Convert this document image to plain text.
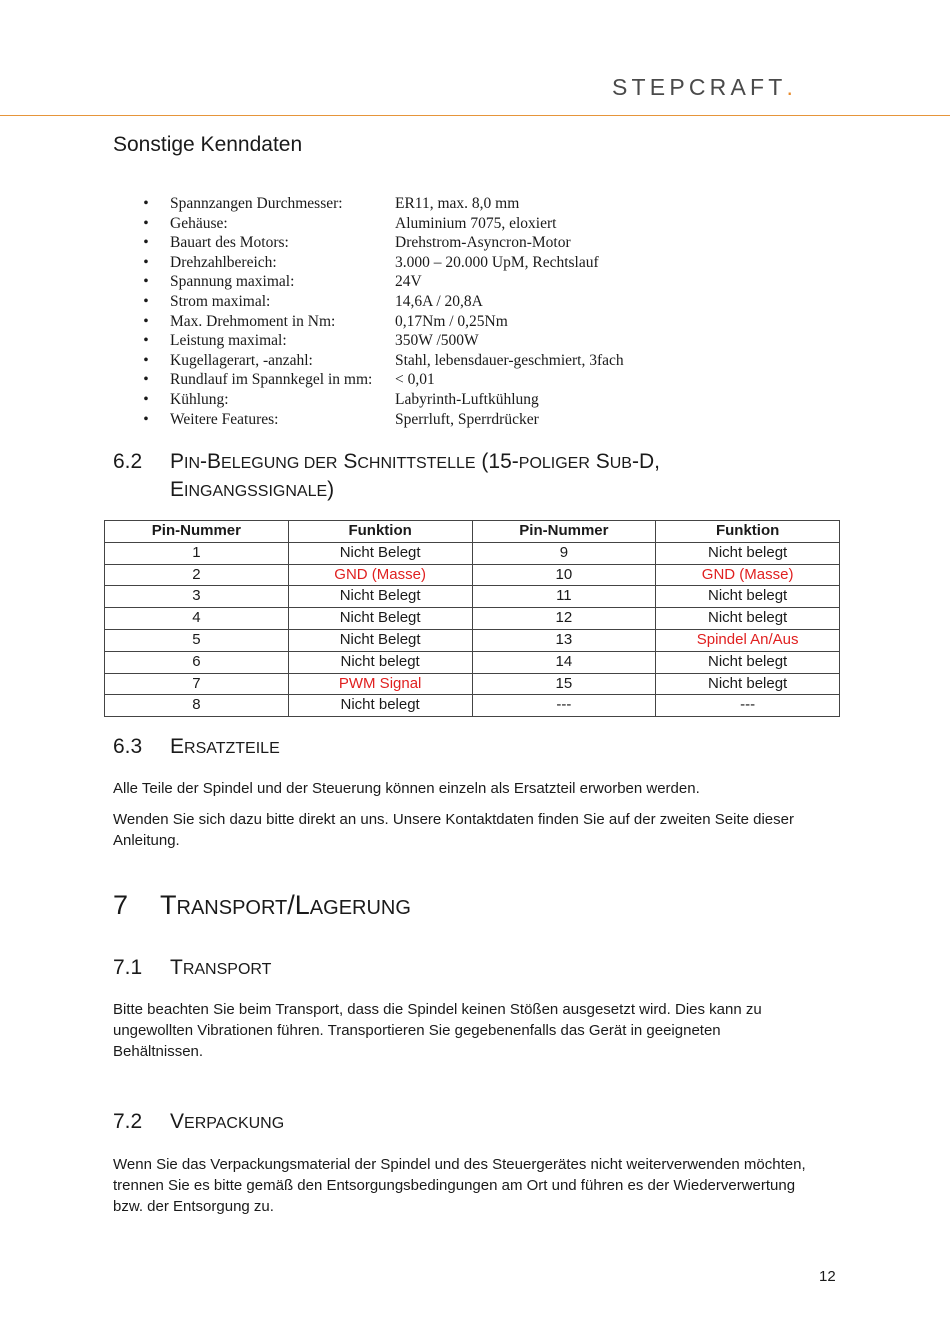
STEPCRAFT.
Sonstige Kenndaten
• Spannzangen Durchmesser:	ER11, max. 8,0 mm
• Gehäuse:	Aluminium 7075, eloxiert
• Bauart des Motors:	Drehstrom-Asyncron-Motor
• Drehzahlbereich:	3.000 – 20.000 UpM, Rechtslauf
• Spannung maximal:	24V
• Strom maximal:	14,6A / 20,8A
• Max. Drehmoment in Nm:	0,17Nm / 0,25Nm
• Leistung maximal:	350W /500W
• Kugellagerart, -anzahl:	Stahl, lebensdauer-geschmiert, 3fach
• Rundlauf im Spannkegel in mm: < 0,01
• Kühlung:	Labyrinth-Luftkühlung
• Weitere Features:	Sperrluft, Sperrdrücker
6.2 PIN-BELEGUNG DER SCHNITTSTELLE (15-POLIGER SUB-D,
EINGANGSSIGNALE)
Pin-Nummer	Funktion	Pin-Nummer	Funktion
1	Nicht Belegt	9	Nicht belegt
2	GND (Masse)	10	GND (Masse)
3	Nicht Belegt	11	Nicht belegt
4	Nicht Belegt	12	Nicht belegt
5	Nicht Belegt	13	Spindel An/Aus
6	Nicht belegt	14	Nicht belegt
7	PWM Signal	15	Nicht belegt
8	Nicht belegt	---	---
6.3 ERSATZTEILE

Alle Teile der Spindel und der Steuerung können einzeln als Ersatzteil erworben werden.

Wenden Sie sich dazu bitte direkt an uns. Unsere Kontaktdaten finden Sie auf der zweiten Seite dieser Anleitung.

7 TRANSPORT/LAGERUNG
7.1 TRANSPORT

Bitte beachten Sie beim Transport, dass die Spindel keinen Stößen ausgesetzt wird. Dies kann zu ungewollten Vibrationen führen. Transportieren Sie gegebenenfalls das Gerät in geeigneten Behältnissen.

7.2 VERPACKUNG

Wenn Sie das Verpackungsmaterial der Spindel und des Steuergerätes nicht weiterverwenden möchten, trennen Sie es bitte gemäß den Entsorgungsbedingungen am Ort und führen es der Wiederverwertung bzw. der Entsorgung zu.

12
